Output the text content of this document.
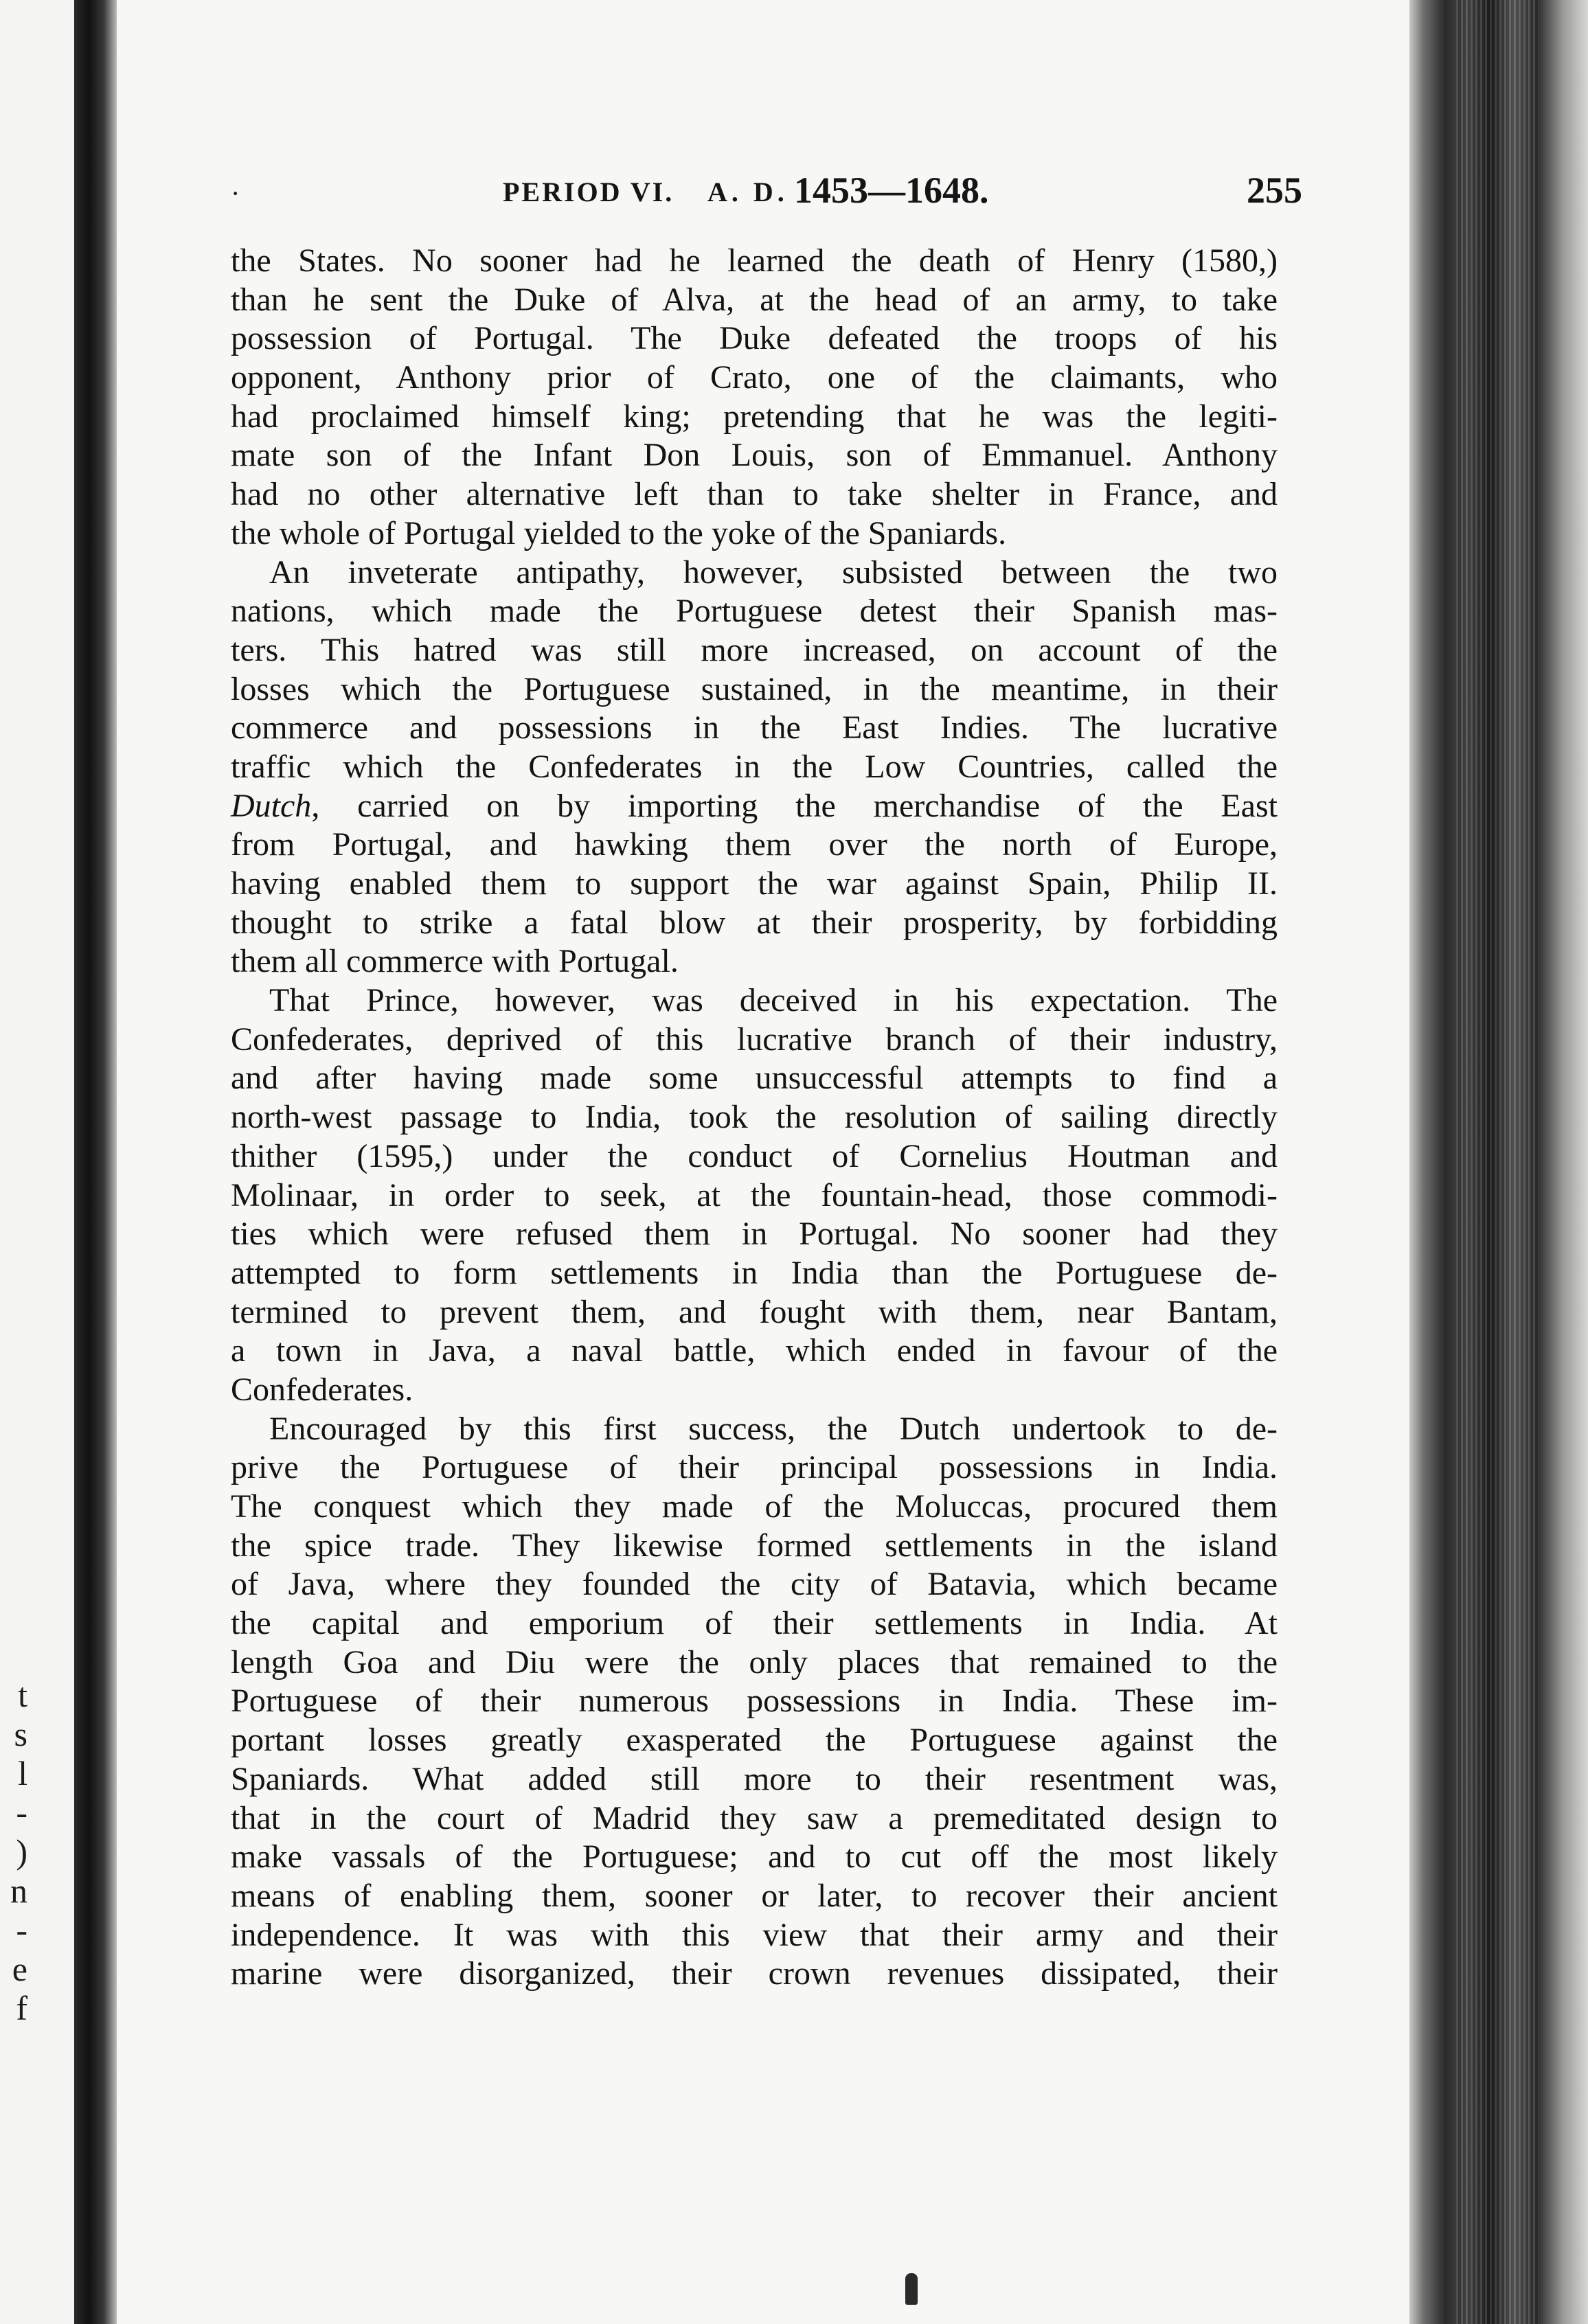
t
s
l
-
)
n
-
e
f
·	PERIOD VI. A. D. 1453—1648.	255
the States. No sooner had he learned the death of Henry (1580,)
than he sent the Duke of Alva, at the head of an army, to take
possession of Portugal. The Duke defeated the troops of his
opponent, Anthony prior of Crato, one of the claimants, who
had proclaimed himself king; pretending that he was the legiti-
mate son of the Infant Don Louis, son of Emmanuel. Anthony
had no other alternative left than to take shelter in France, and
the whole of Portugal yielded to the yoke of the Spaniards.
An inveterate antipathy, however, subsisted between the two
nations, which made the Portuguese detest their Spanish mas-
ters. This hatred was still more increased, on account of the
losses which the Portuguese sustained, in the meantime, in their
commerce and possessions in the East Indies. The lucrative
traffic which the Confederates in the Low Countries, called the
Dutch, carried on by importing the merchandise of the East
from Portugal, and hawking them over the north of Europe,
having enabled them to support the war against Spain, Philip II.
thought to strike a fatal blow at their prosperity, by forbidding
them all commerce with Portugal.
That Prince, however, was deceived in his expectation. The
Confederates, deprived of this lucrative branch of their industry,
and after having made some unsuccessful attempts to find a
north-west passage to India, took the resolution of sailing directly
thither (1595,) under the conduct of Cornelius Houtman and
Molinaar, in order to seek, at the fountain-head, those commodi-
ties which were refused them in Portugal. No sooner had they
attempted to form settlements in India than the Portuguese de-
termined to prevent them, and fought with them, near Bantam,
a town in Java, a naval battle, which ended in favour of the
Confederates.
Encouraged by this first success, the Dutch undertook to de-
prive the Portuguese of their principal possessions in India.
The conquest which they made of the Moluccas, procured them
the spice trade. They likewise formed settlements in the island
of Java, where they founded the city of Batavia, which became
the capital and emporium of their settlements in India. At
length Goa and Diu were the only places that remained to the
Portuguese of their numerous possessions in India. These im-
portant losses greatly exasperated the Portuguese against the
Spaniards. What added still more to their resentment was,
that in the court of Madrid they saw a premeditated design to
make vassals of the Portuguese; and to cut off the most likely
means of enabling them, sooner or later, to recover their ancient
independence. It was with this view that their army and their
marine were disorganized, their crown revenues dissipated, their
